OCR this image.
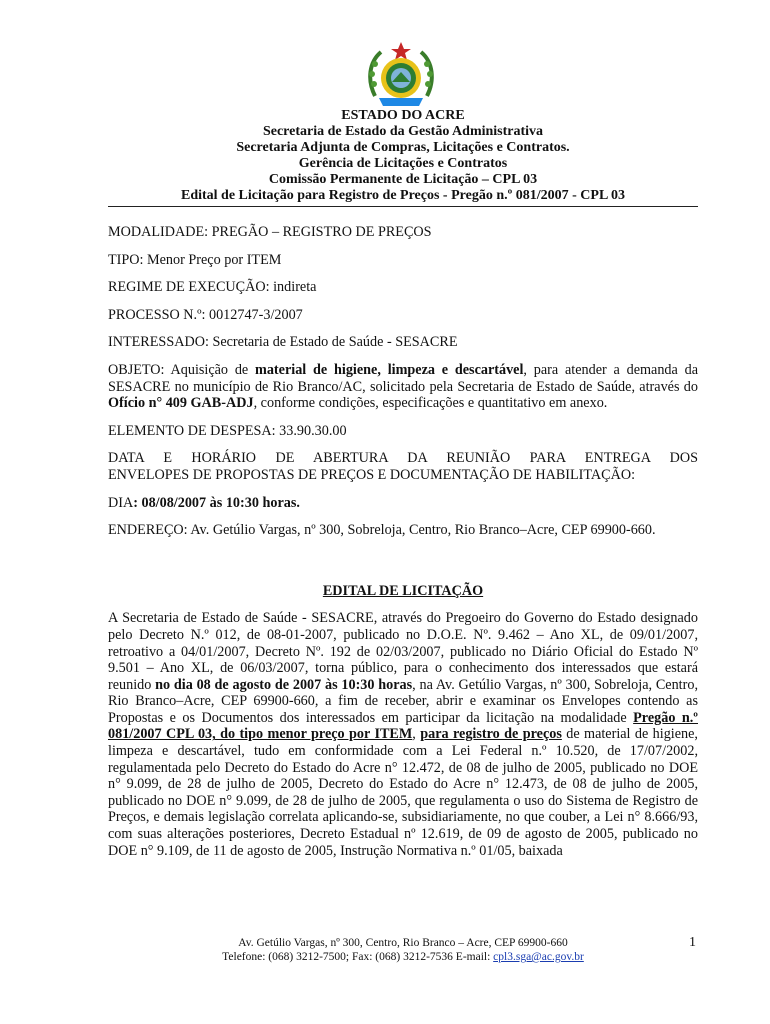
ESTADO DO ACRE
Secretaria de Estado da Gestão Administrativa
Secretaria Adjunta de Compras, Licitações e Contratos.
Gerência de Licitações e Contratos
Comissão Permanente de Licitação – CPL 03
Edital de Licitação para Registro de Preços - Pregão n.º 081/2007 - CPL 03

MODALIDADE: PREGÃO – REGISTRO DE PREÇOS

TIPO: Menor Preço por ITEM

REGIME DE EXECUÇÃO: indireta

PROCESSO N.º: 0012747-3/2007

INTERESSADO: Secretaria de Estado de Saúde - SESACRE

OBJETO: Aquisição de material de higiene, limpeza e descartável, para atender a demanda da SESACRE no município de Rio Branco/AC, solicitado pela Secretaria de Estado de Saúde, através do Ofício n° 409 GAB-ADJ, conforme condições, especificações e quantitativo em anexo.

ELEMENTO DE DESPESA: 33.90.30.00

DATA E HORÁRIO DE ABERTURA DA REUNIÃO PARA ENTREGA DOS
ENVELOPES DE PROPOSTAS DE PREÇOS E DOCUMENTAÇÃO DE HABILITAÇÃO:

DIA: 08/08/2007 às 10:30 horas.

ENDEREÇO: Av. Getúlio Vargas, nº 300, Sobreloja, Centro, Rio Branco–Acre, CEP 69900-660.

EDITAL DE LICITAÇÃO

A Secretaria de Estado de Saúde - SESACRE, através do Pregoeiro do Governo do Estado designado pelo Decreto N.º 012, de 08-01-2007, publicado no D.O.E. Nº. 9.462 – Ano XL, de 09/01/2007, retroativo a 04/01/2007, Decreto Nº. 192 de 02/03/2007, publicado no Diário Oficial do Estado Nº 9.501 – Ano XL, de 06/03/2007, torna público, para o conhecimento dos interessados que estará reunido no dia 08 de agosto de 2007 às 10:30 horas, na Av. Getúlio Vargas, nº 300, Sobreloja, Centro, Rio Branco–Acre, CEP 69900-660, a fim de receber, abrir e examinar os Envelopes contendo as Propostas e os Documentos dos interessados em participar da licitação na modalidade Pregão n.º 081/2007 CPL 03, do tipo menor preço por ITEM, para registro de preços de material de higiene, limpeza e descartável, tudo em conformidade com a Lei Federal n.º 10.520, de 17/07/2002, regulamentada pelo Decreto do Estado do Acre n° 12.472, de 08 de julho de 2005, publicado no DOE n° 9.099, de 28 de julho de 2005, Decreto do Estado do Acre n° 12.473, de 08 de julho de 2005, publicado no DOE n° 9.099, de 28 de julho de 2005, que regulamenta o uso do Sistema de Registro de Preços, e demais legislação correlata aplicando-se, subsidiariamente, no que couber, a Lei n° 8.666/93, com suas alterações posteriores, Decreto Estadual nº 12.619, de 09 de agosto de 2005, publicado no DOE n° 9.109, de 11 de agosto de 2005, Instrução Normativa n.º 01/05, baixada

Av. Getúlio Vargas, nº 300, Centro, Rio Branco – Acre, CEP 69900-660
Telefone: (068) 3212-7500; Fax: (068) 3212-7536 E-mail: cpl3.sga@ac.gov.br
1
